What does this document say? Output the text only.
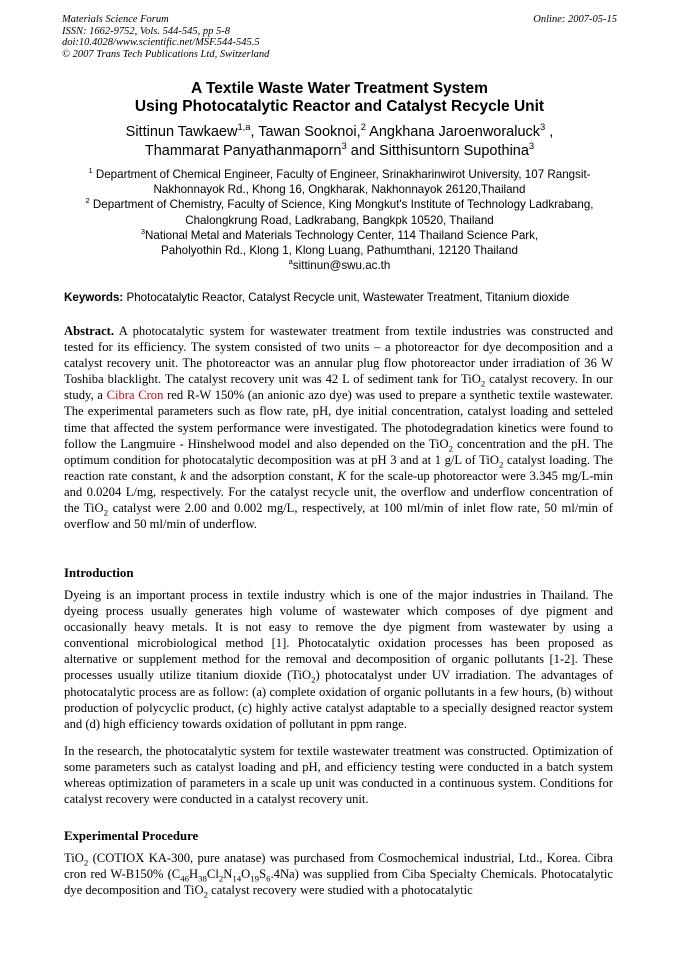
Materials Science Forum
ISSN: 1662-9752, Vols. 544-545, pp 5-8
doi:10.4028/www.scientific.net/MSF.544-545.5
© 2007 Trans Tech Publications Ltd, Switzerland
Online: 2007-05-15
A Textile Waste Water Treatment System
Using Photocatalytic Reactor and Catalyst Recycle Unit
Sittinun Tawkaew$^{1,a}$, Tawan Sooknoi,$^2$ Angkhana Jaroenworaluck$^3$ ,
Thammarat Panyathanmaporn$^3$ and Sitthisuntorn Supothina$^3$
$^1$ Department of Chemical Engineer, Faculty of Engineer, Srinakharinwirot University, 107 Rangsit-
Nakhonnayok Rd., Khong 16, Ongkharak, Nakhonnayok 26120,Thailand
$^2$ Department of Chemistry, Faculty of Science, King Mongkut's Institute of Technology Ladkrabang,
Chalongkrung Road, Ladkrabang, Bangkpk 10520, Thailand
$^3$National Metal and Materials Technology Center, 114 Thailand Science Park,
Paholyothin Rd., Klong 1, Klong Luang, Pathumthani, 12120 Thailand
$^a$sittinun@swu.ac.th
Keywords: Photocatalytic Reactor, Catalyst Recycle unit, Wastewater Treatment, Titanium dioxide
Abstract. A photocatalytic system for wastewater treatment from textile industries was constructed and tested for its efficiency. The system consisted of two units – a photoreactor for dye decomposition and a catalyst recovery unit. The photoreactor was an annular plug flow photoreactor under irradiation of 36 W Toshiba blacklight. The catalyst recovery unit was 42 L of sediment tank for TiO$_2$ catalyst recovery. In our study, a Cibra Cron red R-W 150% (an anionic azo dye) was used to prepare a synthetic textile wastewater. The experimental parameters such as flow rate, pH, dye initial concentration, catalyst loading and setteled time that affected the system performance were investigated. The photodegradation kinetics were found to follow the Langmuire - Hinshelwood model and also depended on the TiO$_2$ concentration and the pH. The optimum condition for photocatalytic decomposition was at pH 3 and at 1 g/L of TiO$_2$ catalyst loading. The reaction rate constant, k and the adsorption constant, K for the scale-up photoreactor were 3.345 mg/L-min and 0.0204 L/mg, respectively. For the catalyst recycle unit, the overflow and underflow concentration of the TiO$_2$ catalyst were 2.00 and 0.002 mg/L, respectively, at 100 ml/min of inlet flow rate, 50 ml/min of overflow and 50 ml/min of underflow.
Introduction
Dyeing is an important process in textile industry which is one of the major industries in Thailand. The dyeing process usually generates high volume of wastewater which composes of dye pigment and occasionally heavy metals. It is not easy to remove the dye pigment from wastewater by using a conventional microbiological method [1]. Photocatalytic oxidation processes has been proposed as alternative or supplement method for the removal and decomposition of organic pollutants [1-2]. These processes usually utilize titanium dioxide (TiO$_2$) photocatalyst under UV irradiation. The advantages of photocatalytic process are as follow: (a) complete oxidation of organic pollutants in a few hours, (b) without production of polycyclic product, (c) highly active catalyst adaptable to a specially designed reactor system and (d) high efficiency towards oxidation of pollutant in ppm range.
In the research, the photocatalytic system for textile wastewater treatment was constructed. Optimization of some parameters such as catalyst loading and pH, and efficiency testing were conducted in a batch system whereas optimization of parameters in a scale up unit was conducted in a continuous system. Conditions for catalyst recovery were conducted in a catalyst recovery unit.
Experimental Procedure
TiO$_2$ (COTIOX KA-300, pure anatase) was purchased from Cosmochemical industrial, Ltd., Korea. Cibra cron red W-B150% $(C_{46}H_{38}Cl_2N_{14}O_{19}S_6.4Na)$ was supplied from Ciba Specialty Chemicals. Photocatalytic dye decomposition and TiO$_2$ catalyst recovery were studied with a photocatalytic
